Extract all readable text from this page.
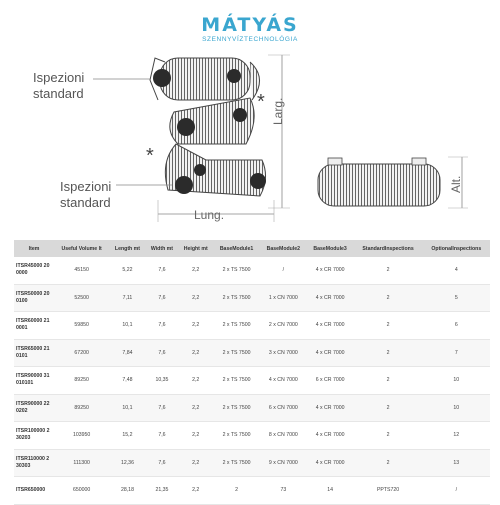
MÁTYÁS
SZENNYVÍZTECHNOLÓGIA
Ispezioni
standard
Ispezioni
standard
Lung.
Larg.
Alt.
*
*
Item	Useful Volume lt	Length mt	Width mt	Height mt	BaseModule1	BaseModule2	BaseModule3	StandardInspections	OptionalInspections
ITSR45000 200000	45150	5,22	7,6	2,2	2 x TS 7500	/	4 x CR 7000	2	4
ITSR50000 200100	52500	7,11	7,6	2,2	2 x TS 7500	1 x CN 7000	4 x CR 7000	2	5
ITSR60000 210001	59850	10,1	7,6	2,2	2 x TS 7500	2 x CN 7000	4 x CR 7000	2	6
ITSR65000 210101	67200	7,84	7,6	2,2	2 x TS 7500	3 x CN 7000	4 x CR 7000	2	7
ITSR90000 31010101	89250	7,48	10,35	2,2	2 x TS 7500	4 x CN 7000	6 x CR 7000	2	10
ITSR90000 220202	89250	10,1	7,6	2,2	2 x TS 7500	6 x CN 7000	4 x CR 7000	2	10
ITSR100000 230203	103950	15,2	7,6	2,2	2 x TS 7500	8 x CN 7000	4 x CR 7000	2	12
ITSR110000 230303	111300	12,36	7,6	2,2	2 x TS 7500	9 x CN 7000	4 x CR 7000	2	13
ITSR650000	650000	28,18	21,35	2,2	2	73	14	PPTS720	/
